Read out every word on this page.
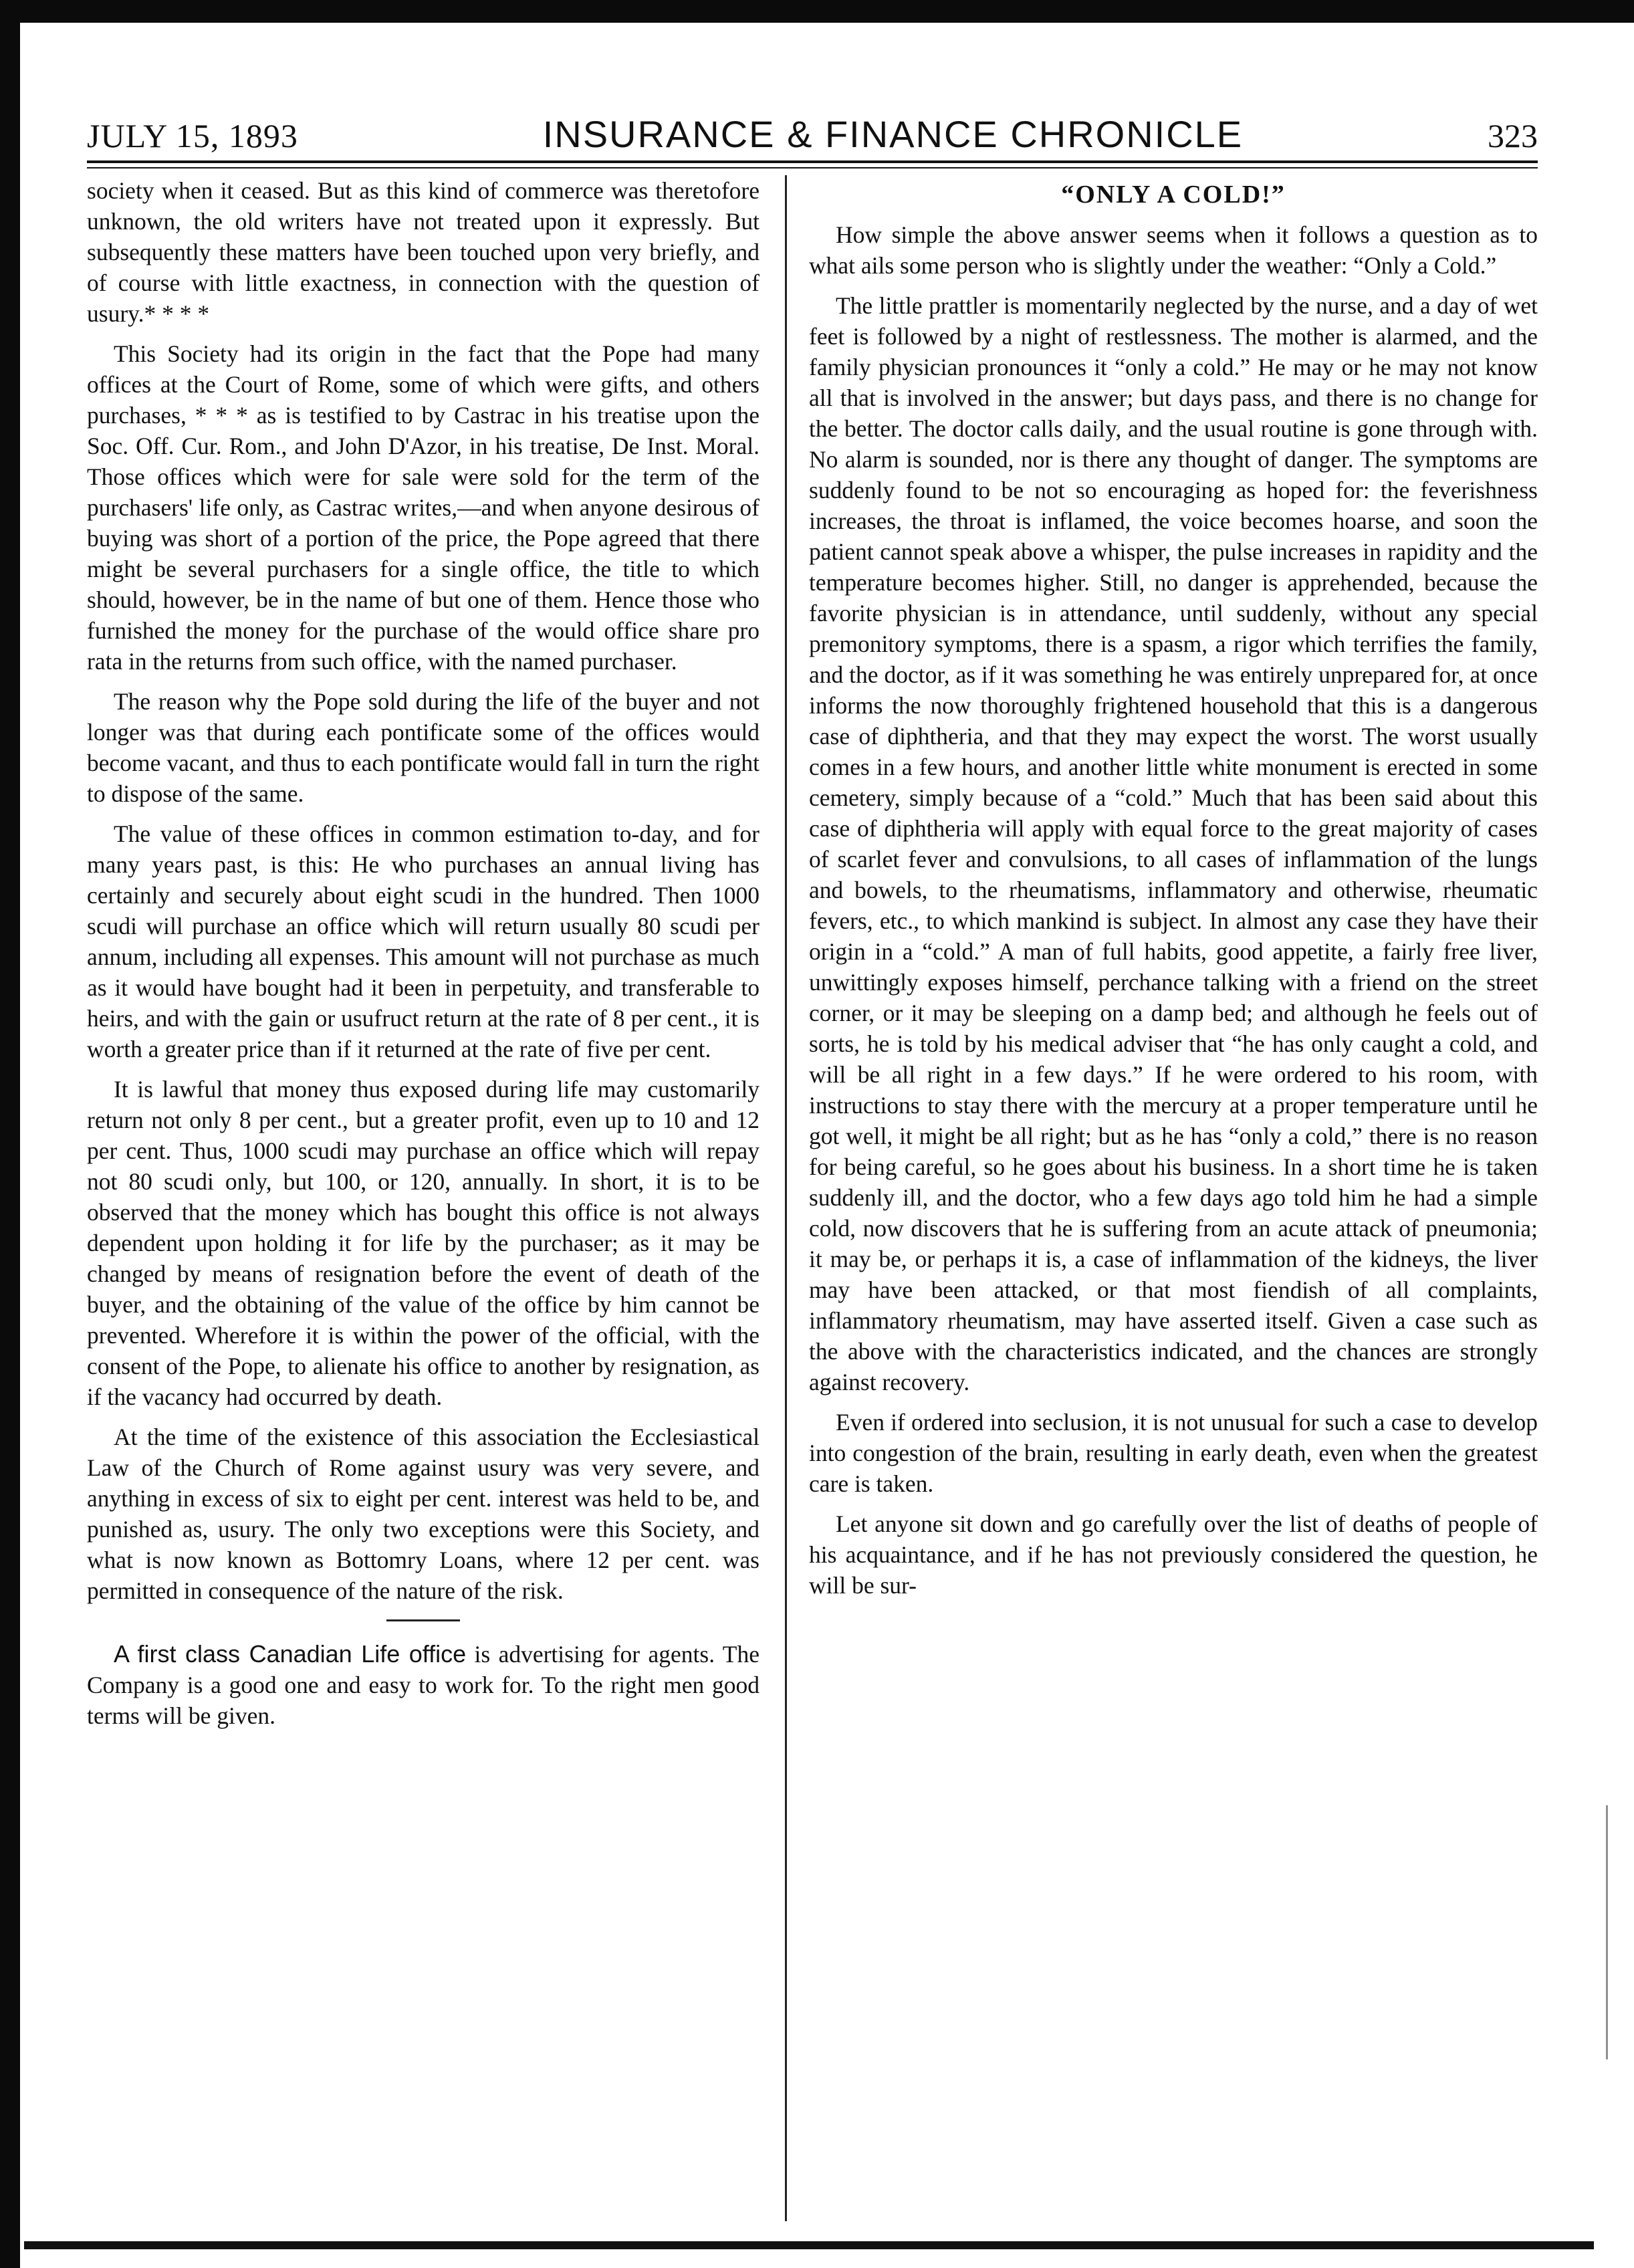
JULY 15, 1893	INSURANCE & FINANCE CHRONICLE	323

society when it ceased. But as this kind of commerce was theretofore unknown, the old writers have not treated upon it expressly. But subsequently these matters have been touched upon very briefly, and of course with little exactness, in connection with the question of usury.* * * *

This Society had its origin in the fact that the Pope had many offices at the Court of Rome, some of which were gifts, and others purchases, * * * as is testified to by Castrac in his treatise upon the Soc. Off. Cur. Rom., and John D'Azor, in his treatise, De Inst. Moral. Those offices which were for sale were sold for the term of the purchasers' life only, as Castrac writes,—and when anyone desirous of buying was short of a portion of the price, the Pope agreed that there might be several purchasers for a single office, the title to which should, however, be in the name of but one of them. Hence those who furnished the money for the purchase of the would office share pro rata in the returns from such office, with the named purchaser.

The reason why the Pope sold during the life of the buyer and not longer was that during each pontificate some of the offices would become vacant, and thus to each pontificate would fall in turn the right to dispose of the same.

The value of these offices in common estimation to-day, and for many years past, is this: He who purchases an annual living has certainly and securely about eight scudi in the hundred. Then 1000 scudi will purchase an office which will return usually 80 scudi per annum, including all expenses. This amount will not purchase as much as it would have bought had it been in perpetuity, and transferable to heirs, and with the gain or usufruct return at the rate of 8 per cent., it is worth a greater price than if it returned at the rate of five per cent.

It is lawful that money thus exposed during life may customarily return not only 8 per cent., but a greater profit, even up to 10 and 12 per cent. Thus, 1000 scudi may purchase an office which will repay not 80 scudi only, but 100, or 120, annually. In short, it is to be observed that the money which has bought this office is not always dependent upon holding it for life by the purchaser; as it may be changed by means of resignation before the event of death of the buyer, and the obtaining of the value of the office by him cannot be prevented. Wherefore it is within the power of the official, with the consent of the Pope, to alienate his office to another by resignation, as if the vacancy had occurred by death.

At the time of the existence of this association the Ecclesiastical Law of the Church of Rome against usury was very severe, and anything in excess of six to eight per cent. interest was held to be, and punished as, usury. The only two exceptions were this Society, and what is now known as Bottomry Loans, where 12 per cent. was permitted in consequence of the nature of the risk.

A first class Canadian Life office is advertising for agents. The Company is a good one and easy to work for. To the right men good terms will be given.

“ONLY A COLD!”

How simple the above answer seems when it follows a question as to what ails some person who is slightly under the weather: “Only a Cold.”

The little prattler is momentarily neglected by the nurse, and a day of wet feet is followed by a night of restlessness. The mother is alarmed, and the family physician pronounces it “only a cold.” He may or he may not know all that is involved in the answer; but days pass, and there is no change for the better. The doctor calls daily, and the usual routine is gone through with. No alarm is sounded, nor is there any thought of danger. The symptoms are suddenly found to be not so encouraging as hoped for: the feverishness increases, the throat is inflamed, the voice becomes hoarse, and soon the patient cannot speak above a whisper, the pulse increases in rapidity and the temperature becomes higher. Still, no danger is apprehended, because the favorite physician is in attendance, until suddenly, without any special premonitory symptoms, there is a spasm, a rigor which terrifies the family, and the doctor, as if it was something he was entirely unprepared for, at once informs the now thoroughly frightened household that this is a dangerous case of diphtheria, and that they may expect the worst. The worst usually comes in a few hours, and another little white monument is erected in some cemetery, simply because of a “cold.” Much that has been said about this case of diphtheria will apply with equal force to the great majority of cases of scarlet fever and convulsions, to all cases of inflammation of the lungs and bowels, to the rheumatisms, inflammatory and otherwise, rheumatic fevers, etc., to which mankind is subject. In almost any case they have their origin in a “cold.” A man of full habits, good appetite, a fairly free liver, unwittingly exposes himself, perchance talking with a friend on the street corner, or it may be sleeping on a damp bed; and although he feels out of sorts, he is told by his medical adviser that “he has only caught a cold, and will be all right in a few days.” If he were ordered to his room, with instructions to stay there with the mercury at a proper temperature until he got well, it might be all right; but as he has “only a cold,” there is no reason for being careful, so he goes about his business. In a short time he is taken suddenly ill, and the doctor, who a few days ago told him he had a simple cold, now discovers that he is suffering from an acute attack of pneumonia; it may be, or perhaps it is, a case of inflammation of the kidneys, the liver may have been attacked, or that most fiendish of all complaints, inflammatory rheumatism, may have asserted itself. Given a case such as the above with the characteristics indicated, and the chances are strongly against recovery.

Even if ordered into seclusion, it is not unusual for such a case to develop into congestion of the brain, resulting in early death, even when the greatest care is taken.

Let anyone sit down and go carefully over the list of deaths of people of his acquaintance, and if he has not previously considered the question, he will be sur-
